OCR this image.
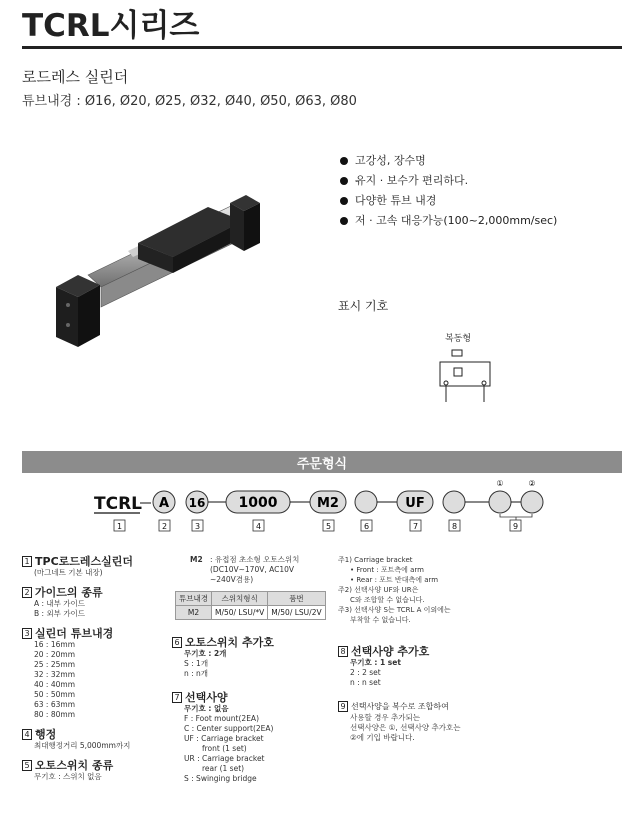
TCRL시리즈
로드레스 실린더
튜브내경 : Ø16, Ø20, Ø25, Ø32, Ø40, Ø50, Ø63, Ø80
고강성, 장수명
유지 · 보수가 편리하다.
다양한 튜브 내경
저 · 고속 대응가능(100~2,000mm/sec)
표시 기호
복동형
주문형식
TCRL A 16 1000	M2	UF
①	②
1	2	3	4	5	6	7	8	9
1 TPC로드레스실린더
(마그네트 기본 내장)
2 가이드의 종류
A : 내부 가이드
B : 외부 가이드
3 실린더 튜브내경
16 : 16mm
20 : 20mm
25 : 25mm
32 : 32mm
40 : 40mm
50 : 50mm
63 : 63mm
80 : 80mm
4 행정
최대행정거리 5,000mm까지
5 오토스위치 종류
무기호 : 스위치 없음
M2 : 유접점 초소형 오토스위치
(DC10V~170V, AC10V
~240V겸용)
튜브내경	스위치형식	품번
M2	M/50/ LSU/*V	M/50/ LSU/2V
6 오토스위치 추가호
무기호 : 2개
S : 1개
n : n개
7 선택사양
무기호 : 없음
F : Foot mount(2EA)
C : Center support(2EA)
UF : Carriage bracket
front (1 set)
UR : Carriage bracket
rear (1 set)
S : Swinging bridge
주1) Carriage bracket
• Front : 포트측에 arm
• Rear : 포트 반대측에 arm
주2) 선택사양 UF와 UR은
C와 조합할 수 없습니다.
주3) 선택사양 S는 TCRL A 이외에는
부착할 수 없습니다.
8 선택사양 추가호
무기호 : 1 set
2 : 2 set
n : n set
9 선택사양을 복수로 조합하여
사용할 경우 추가되는
선택사양은 ①, 선택사양 추가호는
②에 기입 바랍니다.
